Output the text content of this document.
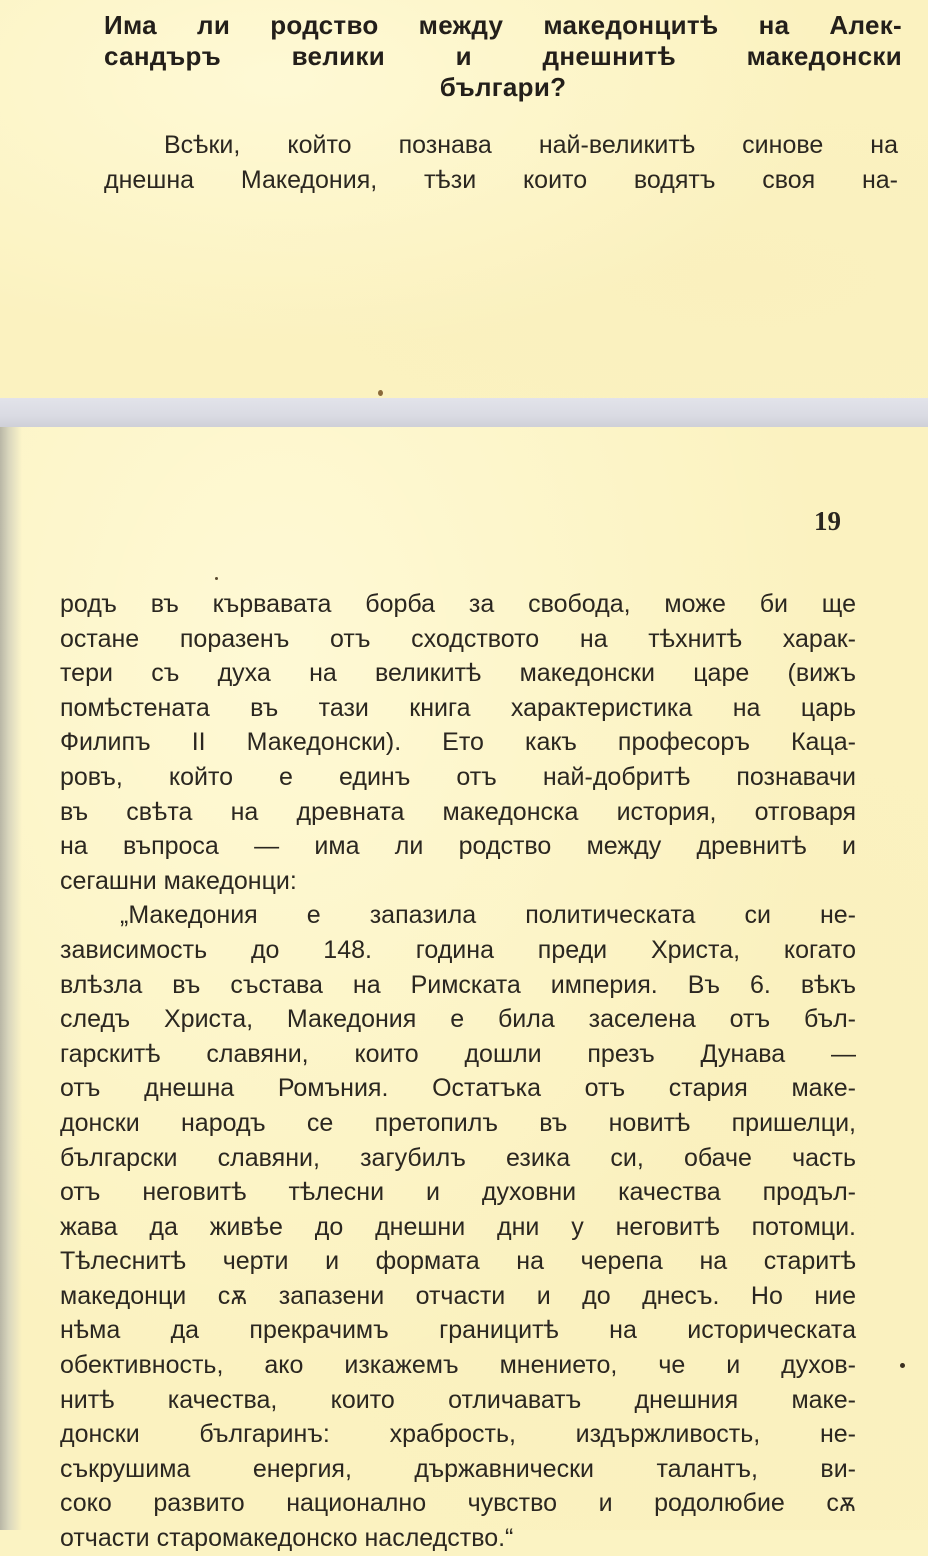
Има ли родство между македонцитѣ на Алек-
сандъръ велики и днешнитѣ македонски
българи?
Всѣки, който познава най-великитѣ синове на
днешна Македония, тѣзи които водятъ своя на-
19
родъ въ кървавата борба за свобода, може би ще
остане поразенъ отъ сходството на тѣхнитѣ харак-
тери съ духа на великитѣ македонски царе (вижъ
помѣстената въ тази книга характеристика на царь
Филипъ II Македонски). Ето какъ професоръ Каца-
ровъ, който е единъ отъ най-добритѣ познавачи
въ свѣта на древната македонска история, отговаря
на въпроса — има ли родство между древнитѣ и
сегашни македонци:
„Македония е запазила политическата си не-
зависимость до 148. година преди Христа, когато
влѣзла въ състава на Римската империя. Въ 6. вѣкъ
следъ Христа, Македония е била заселена отъ бъл-
гарскитѣ славяни, които дошли презъ Дунава —
отъ днешна Ромъния. Остатъка отъ стария маке-
донски народъ се претопилъ въ новитѣ пришелци,
български славяни, загубилъ езика си, обаче часть
отъ неговитѣ тѣлесни и духовни качества продъл-
жава да живѣе до днешни дни у неговитѣ потомци.
Тѣлеснитѣ черти и формата на черепа на старитѣ
македонци сѫ запазени отчасти и до днесъ. Но ние
нѣма да прекрачимъ границитѣ на историческата
обективность, ако изкажемъ мнението, че и духов-
нитѣ качества, които отличаватъ днешния маке-
донски българинъ: храбрость, издържливость, не-
съкрушима енергия, държавнически талантъ, ви-
соко развито национално чувство и родолюбие сѫ
отчасти старомакедонско наследство.“
